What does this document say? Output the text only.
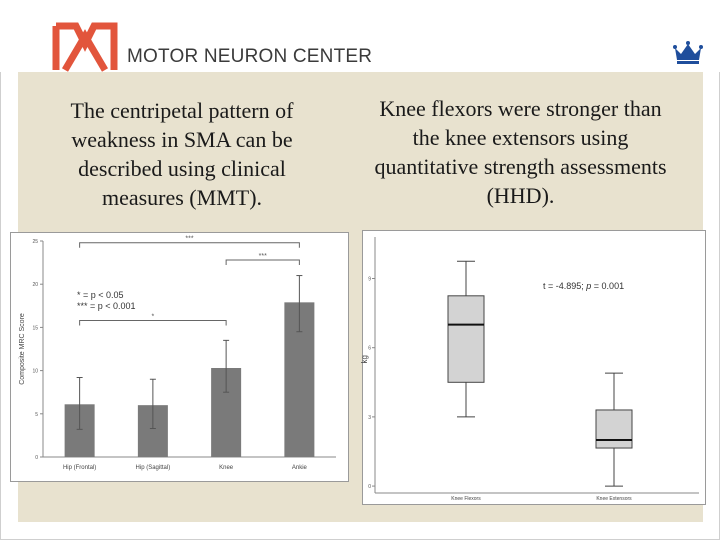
MOTOR NEURON CENTER
The centripetal pattern of weakness in SMA can be described using clinical measures (MMT).
Knee flexors were stronger than the knee extensors using quantitative strength assessments (HHD).
0
5
10
15
20
25
Composite MRC Score
Hip (Frontal)	Hip (Sagittal)	Knee	Ankie
***
***
*
* = p < 0.05
*** = p < 0.001
0
3
6
9
kg
Knee Flexors	Knee Extensors
t = -4.895; p = 0.001
